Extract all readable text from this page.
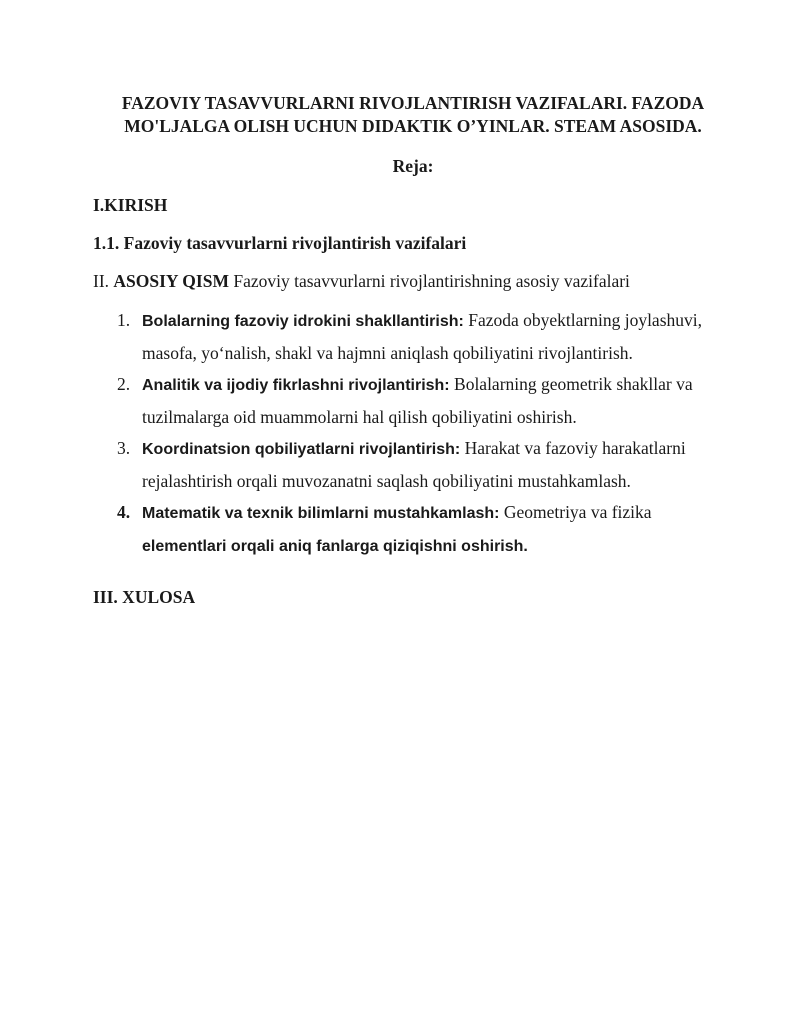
FAZOVIY TASAVVURLARNI RIVOJLANTIRISH VAZIFALARI. FAZODA
MO'LJALGA OLISH UCHUN DIDAKTIK O’YINLAR. STEAM ASOSIDA.

Reja:
I.KIRISH
1.1. Fazoviy tasavvurlarni rivojlantirish vazifalari
II. ASOSIY QISM Fazoviy tasavvurlarni rivojlantirishning asosiy vazifalari
1. Bolalarning fazoviy idrokini shakllantirish: Fazoda obyektlarning joylashuvi, masofa, yo‘nalish, shakl va hajmni aniqlash qobiliyatini rivojlantirish.
2. Analitik va ijodiy fikrlashni rivojlantirish: Bolalarning geometrik shakllar va tuzilmalarga oid muammolarni hal qilish qobiliyatini oshirish.
3. Koordinatsion qobiliyatlarni rivojlantirish: Harakat va fazoviy harakatlarni rejalashtirish orqali muvozanatni saqlash qobiliyatini mustahkamlash.
4. Matematik va texnik bilimlarni mustahkamlash: Geometriya va fizika elementlari orqali aniq fanlarga qiziqishni oshirish.
III. XULOSA
